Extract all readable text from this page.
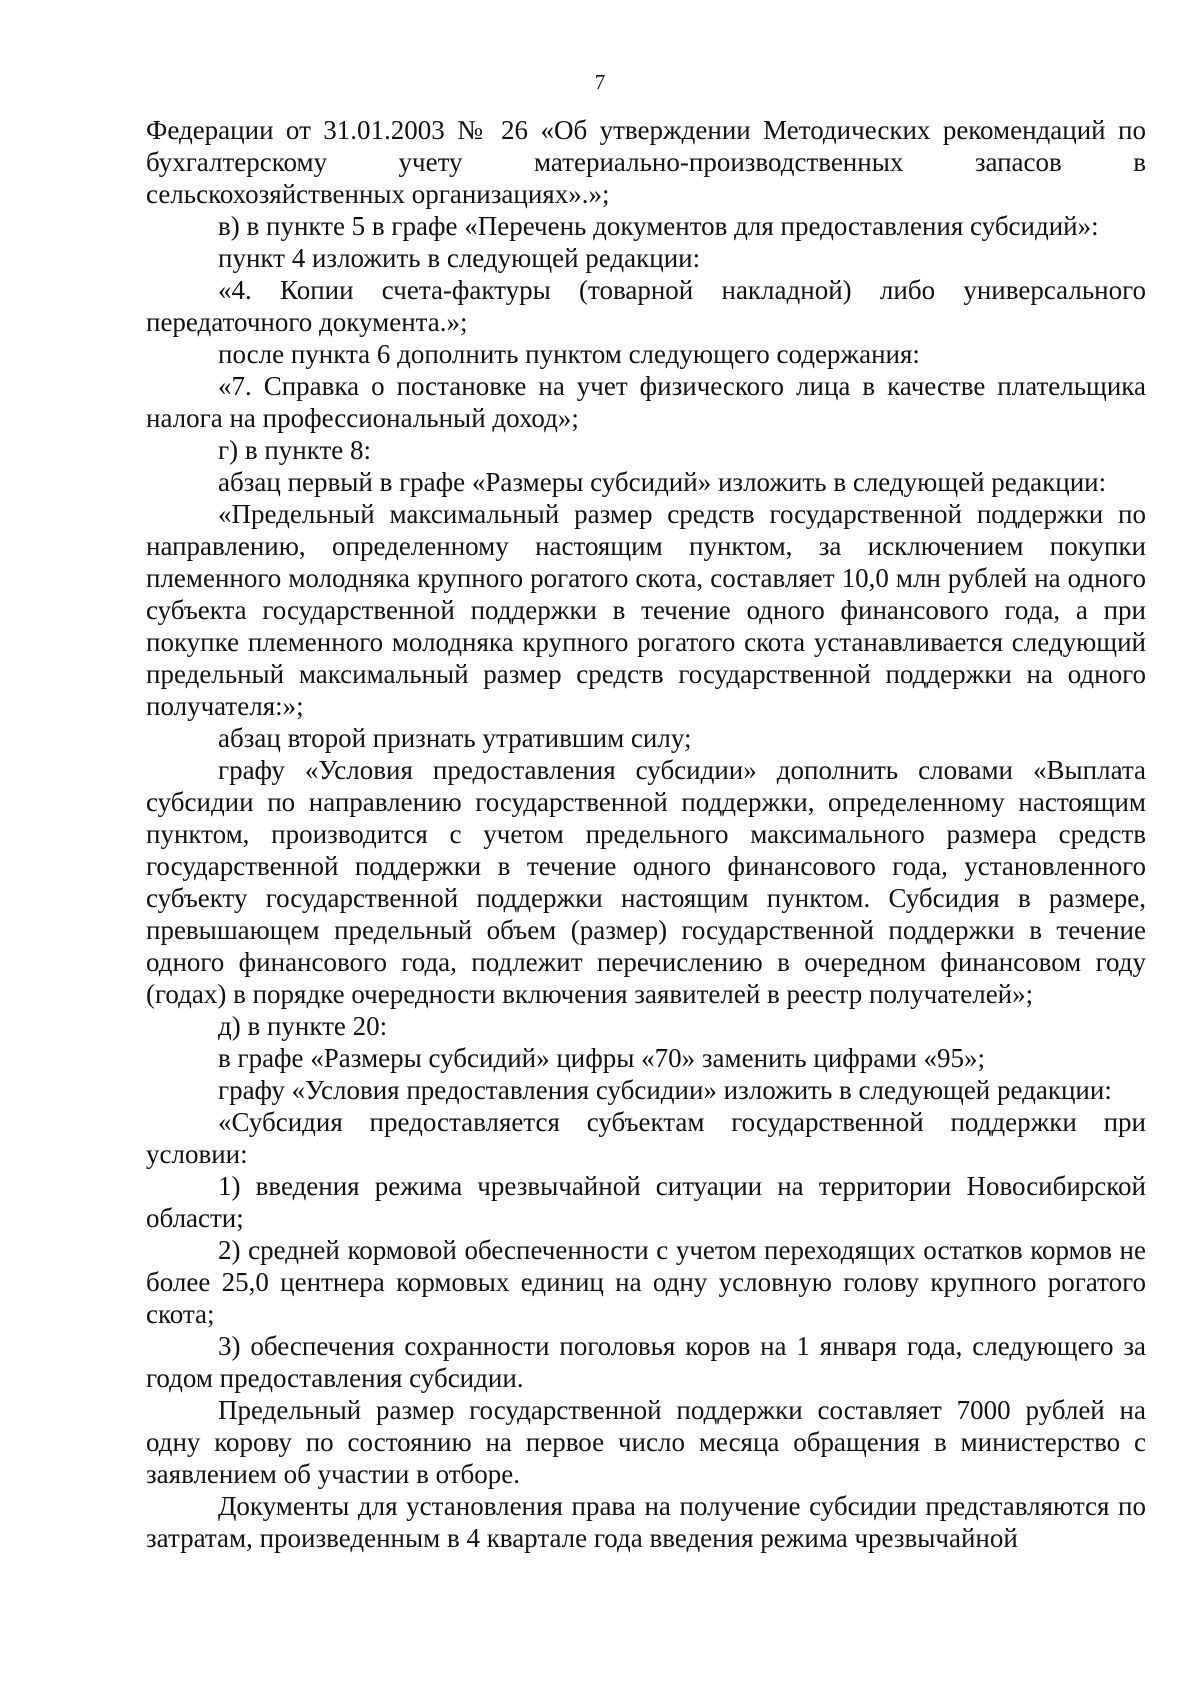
7

Федерации от 31.01.2003 № 26 «Об утверждении Методических рекомендаций по бухгалтерскому учету материально-производственных запасов в сельскохозяйственных организациях».»;

в) в пункте 5 в графе «Перечень документов для предоставления субсидий»:

пункт 4 изложить в следующей редакции:

«4. Копии счета-фактуры (товарной накладной) либо универсального передаточного документа.»;

после пункта 6 дополнить пунктом следующего содержания:

«7. Справка о постановке на учет физического лица в качестве плательщика налога на профессиональный доход»;

г) в пункте 8:

абзац первый в графе «Размеры субсидий» изложить в следующей редакции:

«Предельный максимальный размер средств государственной поддержки по направлению, определенному настоящим пунктом, за исключением покупки племенного молодняка крупного рогатого скота, составляет 10,0 млн рублей на одного субъекта государственной поддержки в течение одного финансового года, а при покупке племенного молодняка крупного рогатого скота устанавливается следующий предельный максимальный размер средств государственной поддержки на одного получателя:»;

абзац второй признать утратившим силу;

графу «Условия предоставления субсидии» дополнить словами «Выплата субсидии по направлению государственной поддержки, определенному настоящим пунктом, производится с учетом предельного максимального размера средств государственной поддержки в течение одного финансового года, установленного субъекту государственной поддержки настоящим пунктом. Субсидия в размере, превышающем предельный объем (размер) государственной поддержки в течение одного финансового года, подлежит перечислению в очередном финансовом году (годах) в порядке очередности включения заявителей в реестр получателей»;

д) в пункте 20:

в графе «Размеры субсидий» цифры «70» заменить цифрами «95»;

графу «Условия предоставления субсидии» изложить в следующей редакции:

«Субсидия предоставляется субъектам государственной поддержки при условии:

1) введения режима чрезвычайной ситуации на территории Новосибирской области;

2) средней кормовой обеспеченности с учетом переходящих остатков кормов не более 25,0 центнера кормовых единиц на одну условную голову крупного рогатого скота;

3) обеспечения сохранности поголовья коров на 1 января года, следующего за годом предоставления субсидии.

Предельный размер государственной поддержки составляет 7000 рублей на одну корову по состоянию на первое число месяца обращения в министерство с заявлением об участии в отборе.

Документы для установления права на получение субсидии представляются по затратам, произведенным в 4 квартале года введения режима чрезвычайной
